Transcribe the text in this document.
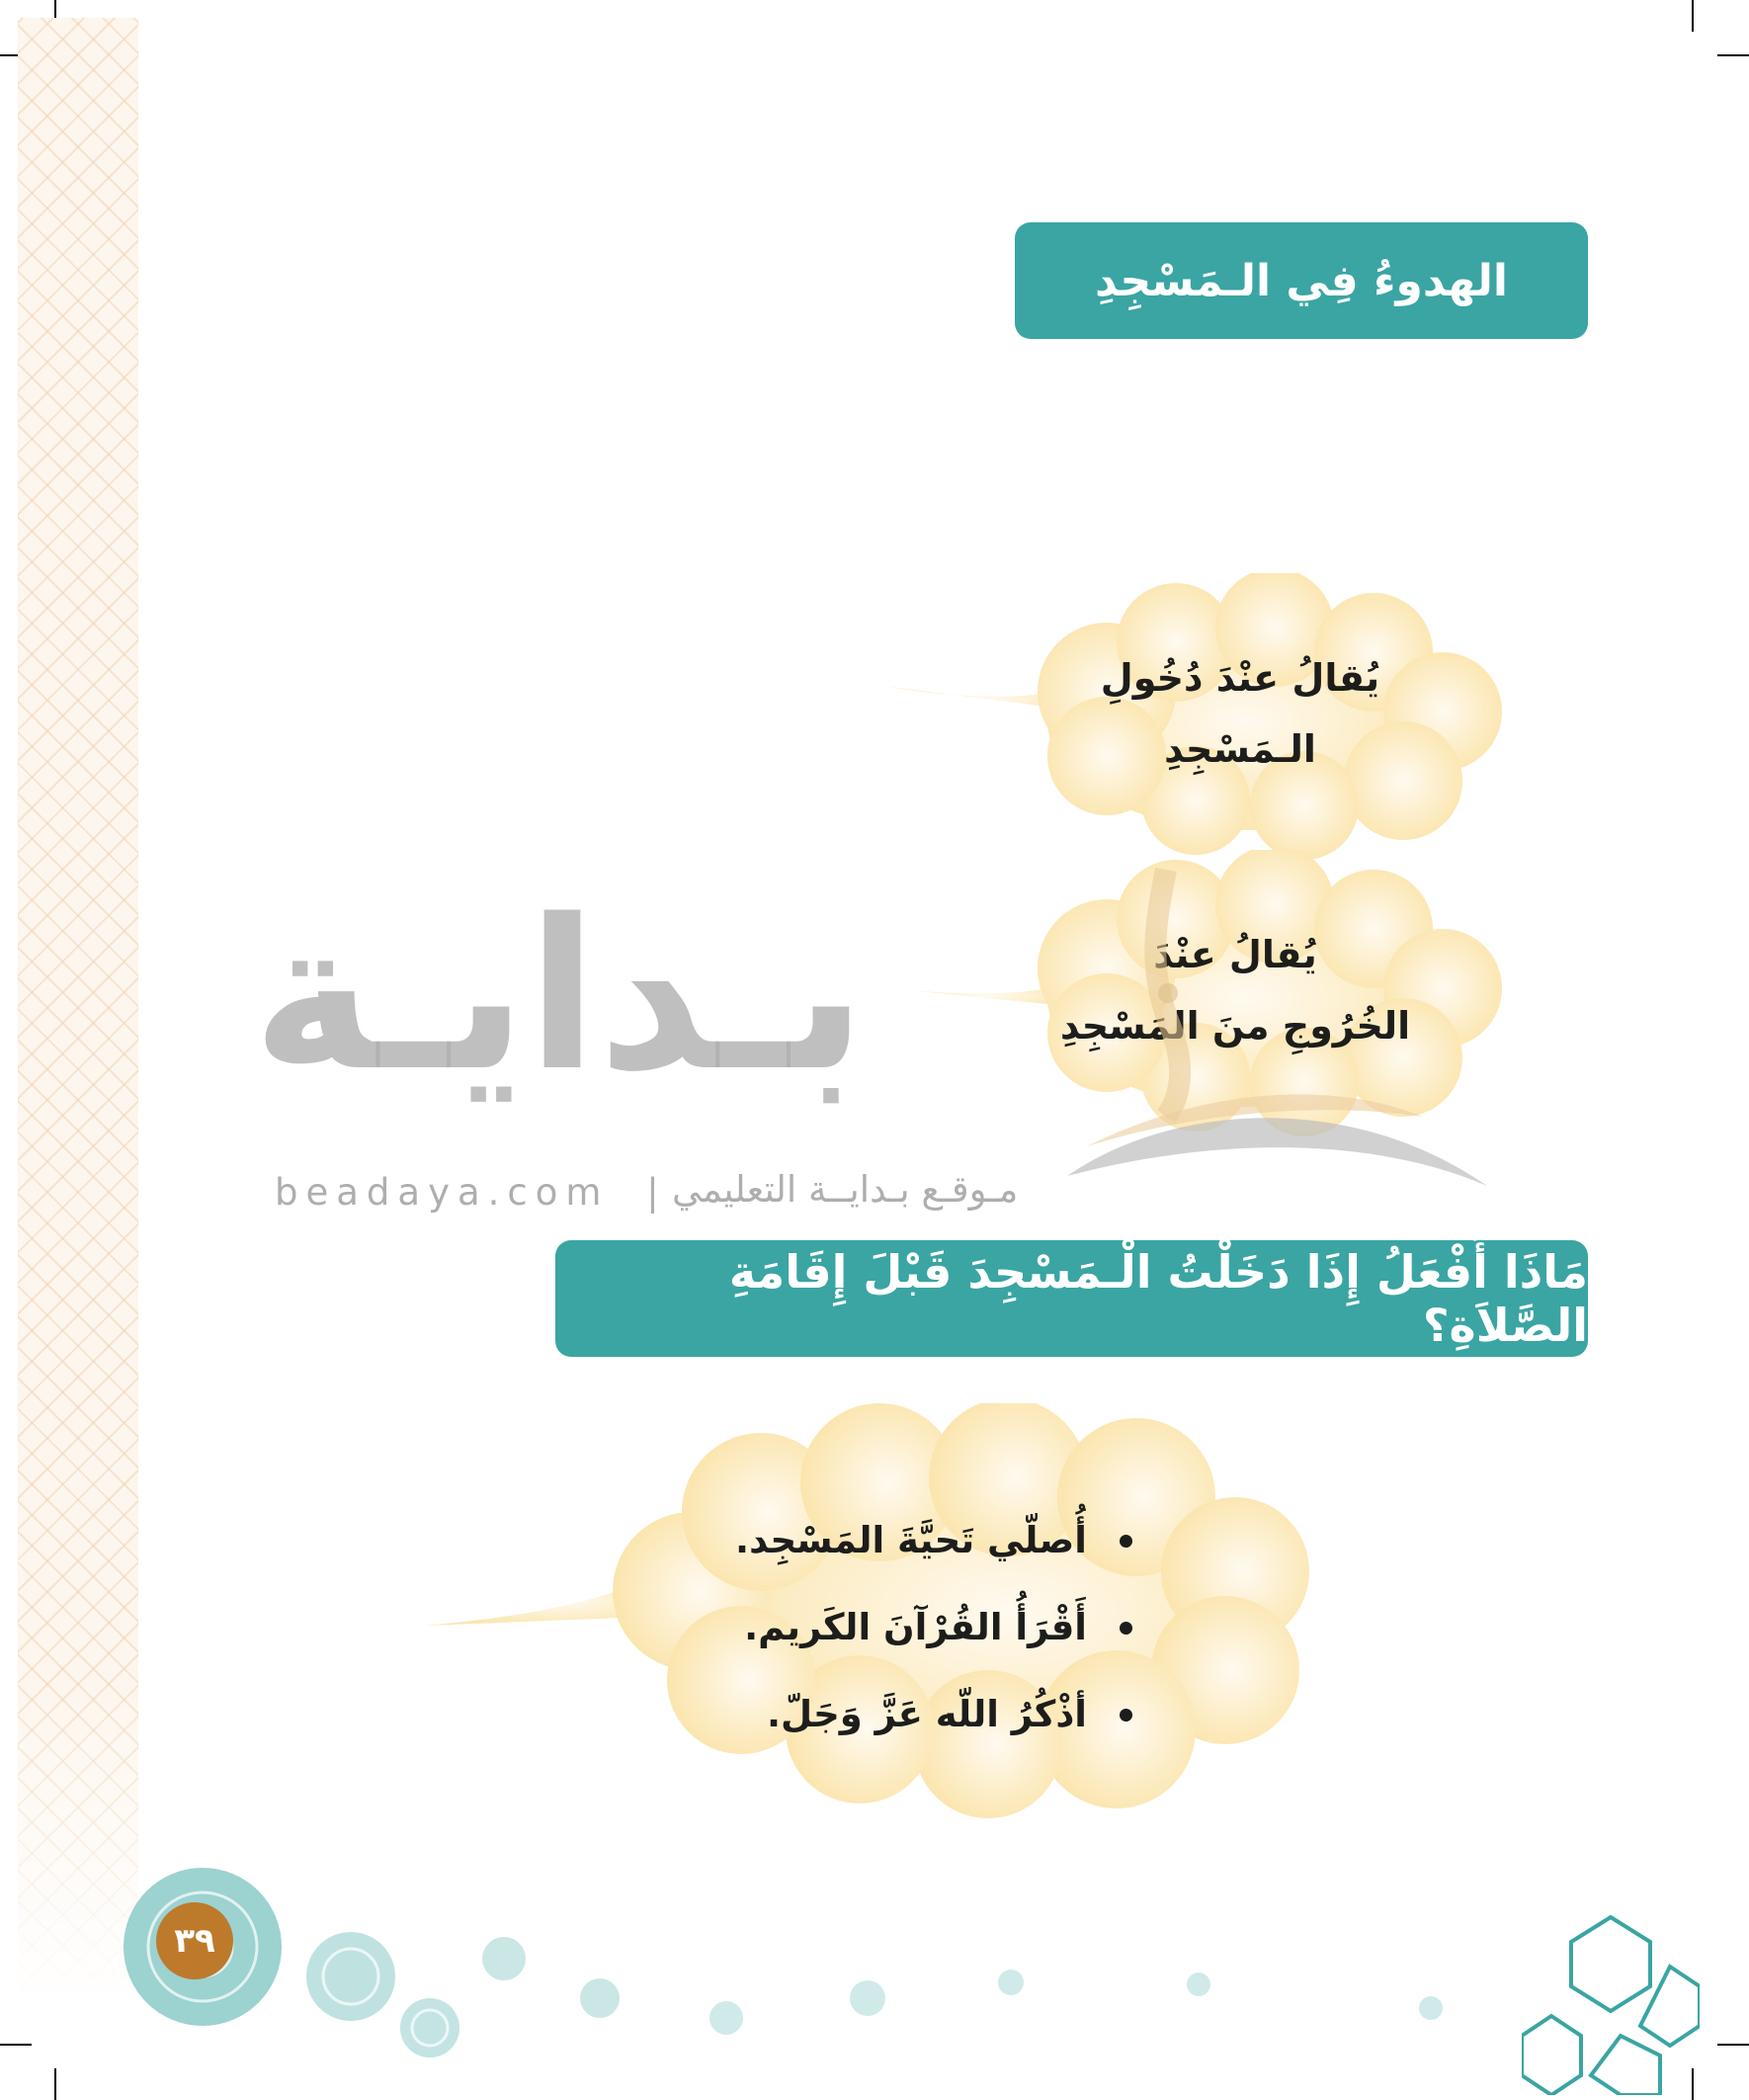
الهدوءُ فِي الـمَسْجِدِ
يُقالُ عنْدَ دُخُولِ
الـمَسْجِدِ
يُقالُ عنْدَ
الخُرُوجِ منَ المَسْجِدِ
بـدايـة
beadaya.com | مـوقـع بـدايــة التعليمي
مَاذَا أَفْعَلُ إِذَا دَخَلْتُ الْـمَسْجِدَ قَبْلَ إِقَامَةِ الصَّلاَةِ؟
أُصلّي تَحيَّةَ المَسْجِد.
أَقْرَأُ القُرْآنَ الكَريم.
أذْكُرُ اللّه عَزَّ وَجَلّ.
٣٩
